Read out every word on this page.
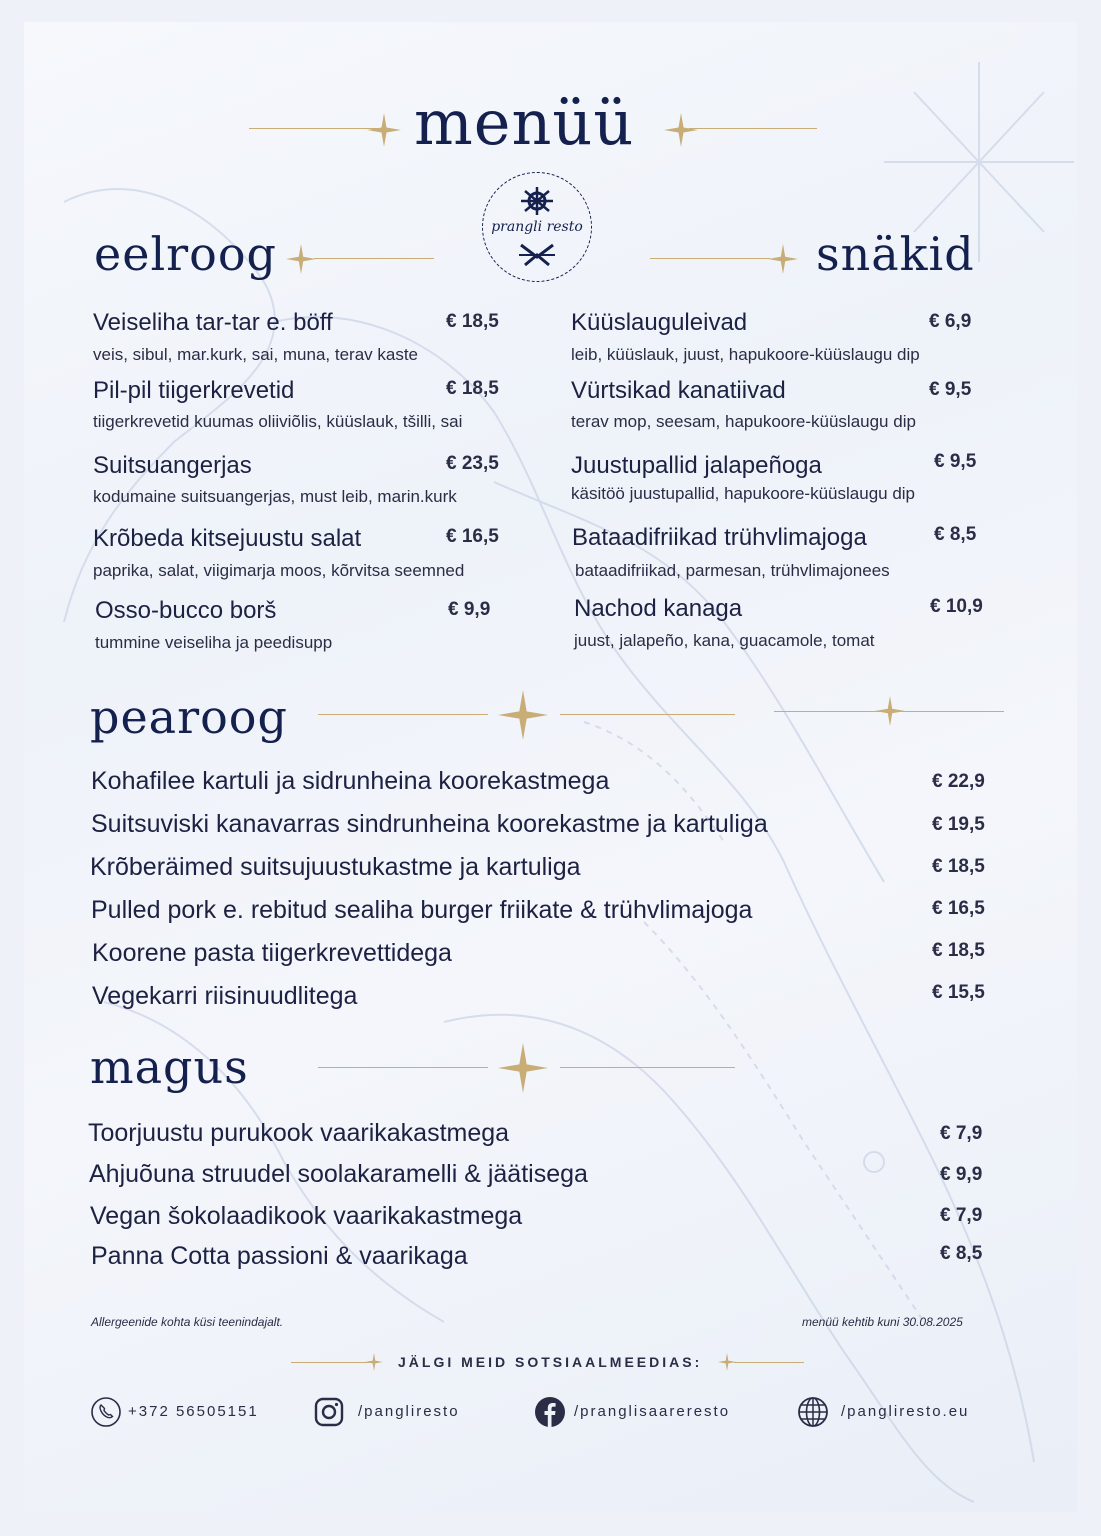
menüü
prangli resto
eelroog	snäkid
Veiseliha tar-tar e. böff	€ 18,5
veis, sibul, mar.kurk, sai, muna, terav kaste
Pil-pil tiigerkrevetid	€ 18,5
tiigerkrevetid kuumas oliiviõlis, küüslauk, tšilli, sai
Suitsuangerjas	€ 23,5
kodumaine suitsuangerjas, must leib, marin.kurk
Krõbeda kitsejuustu salat	€ 16,5
paprika, salat, viigimarja moos, kõrvitsa seemned
Osso-bucco borš	€ 9,9
tummine veiseliha ja peedisupp
Küüslauguleivad	€ 6,9
leib, küüslauk, juust, hapukoore-küüslaugu dip
Vürtsikad kanatiivad	€ 9,5
terav mop, seesam, hapukoore-küüslaugu dip
Juustupallid jalapeñoga	€ 9,5
käsitöö juustupallid, hapukoore-küüslaugu dip
Bataadifriikad trühvlimajoga	€ 8,5
bataadifriikad, parmesan, trühvlimajonees
Nachod kanaga	€ 10,9
juust, jalapeño, kana, guacamole, tomat
pearoog
Kohafilee kartuli ja sidrunheina koorekastmega	€ 22,9
Suitsuviski kanavarras sindrunheina koorekastme ja kartuliga	€ 19,5
Krõberäimed suitsujuustukastme ja kartuliga	€ 18,5
Pulled pork e. rebitud sealiha burger friikate & trühvlimajoga	€ 16,5
Koorene pasta tiigerkrevettidega	€ 18,5
Vegekarri riisinuudlitega	€ 15,5
magus
Toorjuustu purukook vaarikakastmega	€ 7,9
Ahjuõuna struudel soolakaramelli & jäätisega	€ 9,9
Vegan šokolaadikook vaarikakastmega	€ 7,9
Panna Cotta passioni & vaarikaga	€ 8,5
Allergeenide kohta küsi teenindajalt.	menüü kehtib kuni 30.08.2025
JÄLGI MEID SOTSIAALMEEDIAS:
+372 56505151	/pangliresto	/pranglisaareresto	/pangliresto.eu
